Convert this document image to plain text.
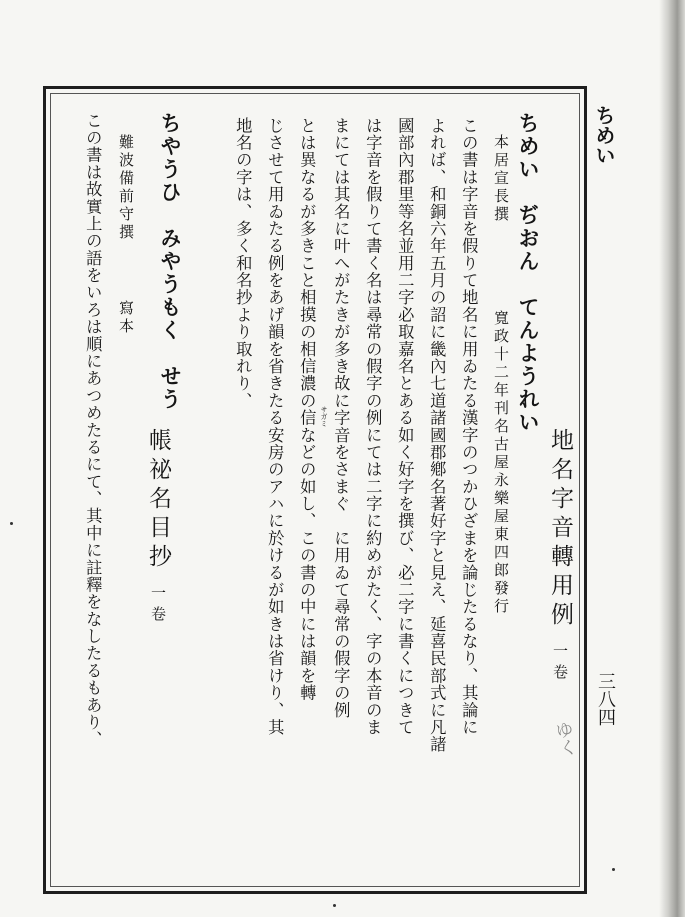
ちめい
三八四
地名字音轉用例一卷
ちめい　ぢおん　てんようれい
本居宣長撰
寬政十二年刊名古屋永樂屋東四郎發行
この書は字音を假りて地名に用ゐたる漢字のつかひざまを論じたるなり、其論に
よれば、和銅六年五月の詔に畿內七道諸國郡鄕名著好字と見え、延喜民部式に凡諸
國部內郡里等名並用二字必取嘉名とある如く好字を撰び、必二字に書くにつきて
は字音を假りて書く名は尋常の假字の例にては二字に約めがたく、字の本音のま
まにては其名に叶へがたきが多き故に字音をさまぐ　に用ゐて尋常の假字の例
サガミ
とは異なるが多きこと相摸の相信濃の信などの如し、この書の中には韻を轉
じさせて用ゐたる例をあげ韻を省きたる安房のアハに於けるが如きは省けり、其
地名の字は、多く和名抄より取れり、
帳祕名目抄一卷
ちやうひ　みやうもく　せう
難波備前守撰
寫本
この書は故實上の語をいろは順にあつめたるにて、其中に註釋をなしたるもあり、	ゆく
